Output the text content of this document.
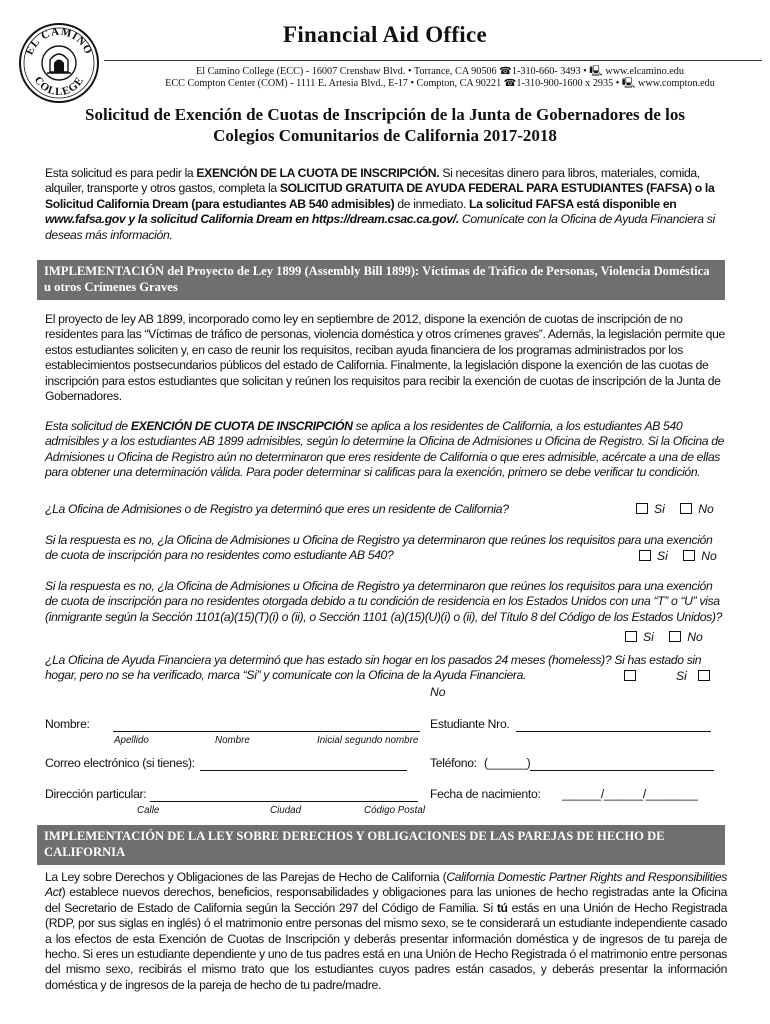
EL CAMINO
COLLEGE
Financial Aid Office
El Camino College (ECC) - 16007 Crenshaw Blvd. • Torrance, CA 90506 ☎1-310-660- 3493 • 🖳 www.elcamino.edu
ECC Compton Center (COM) - 1111 E. Artesia Blvd., E-17 • Compton, CA 90221 ☎1-310-900-1600 x 2935 • 🖳 www.compton.edu
Solicitud de Exención de Cuotas de Inscripción de la Junta de Gobernadores de los
Colegios Comunitarios de California 2017-2018
Esta solicitud es para pedir la EXENCIÓN DE LA CUOTA DE INSCRIPCIÓN. Si necesitas dinero para libros, materiales, comida, alquiler, transporte y otros gastos, completa la SOLICITUD GRATUITA DE AYUDA FEDERAL PARA ESTUDIANTES (FAFSA) o la Solicitud California Dream (para estudiantes AB 540 admisibles) de inmediato. La solicitud FAFSA está disponible en www.fafsa.gov y la solicitud California Dream en https://dream.csac.ca.gov/. Comunícate con la Oficina de Ayuda Financiera si deseas más información.
IMPLEMENTACIÓN del Proyecto de Ley 1899 (Assembly Bill 1899): Víctimas de Tráfico de Personas, Violencia Doméstica u otros Crímenes Graves
El proyecto de ley AB 1899, incorporado como ley en septiembre de 2012, dispone la exención de cuotas de inscripción de no residentes para las “Víctimas de tráfico de personas, violencia doméstica y otros crímenes graves”. Además, la legislación permite que estos estudiantes soliciten y, en caso de reunir los requisitos, reciban ayuda financiera de los programas administrados por los establecimientos postsecundarios públicos del estado de California. Finalmente, la legislación dispone la exención de las cuotas de inscripción para estos estudiantes que solicitan y reúnen los requisitos para recibir la exención de cuotas de inscripción de la Junta de Gobernadores.
Esta solicitud de EXENCIÓN DE CUOTA DE INSCRIPCIÓN se aplica a los residentes de California, a los estudiantes AB 540 admisibles y a los estudiantes AB 1899 admisibles, según lo determine la Oficina de Admisiones u Oficina de Registro. Si la Oficina de Admisiones u Oficina de Registro aún no determinaron que eres residente de California o que eres admisible, acércate a una de ellas para obtener una determinación válida. Para poder determinar si calificas para la exención, primero se debe verificar tu condición.
¿La Oficina de Admisiones o de Registro ya determinó que eres un residente de California?	Si	No
Si la respuesta es no, ¿la Oficina de Admisiones u Oficina de Registro ya determinaron que reúnes los requisitos para una exención de cuota de inscripción para no residentes como estudiante AB 540?	Si	No
Si la respuesta es no, ¿la Oficina de Admisiones u Oficina de Registro ya determinaron que reúnes los requisitos para una exención de cuota de inscripción para no residentes otorgada debido a tu condición de residencia en los Estados Unidos con una “T” o “U” visa (inmigrante según la Sección 1101(a)(15)(T)(i) o (ii), o Sección 1101 (a)(15)(U)(i) o (ii), del Título 8 del Código de los Estados Unidos)?
Si	No
¿La Oficina de Ayuda Financiera ya determinó que has estado sin hogar en los pasados 24 meses (homeless)? Si has estado sin hogar, pero no se ha verificado, marca “Si” y comunícate con la Oficina de la Ayuda Financiera.	Si
No
Nombre:
Apellido	Nombre	Inicial segundo nombre
Estudiante Nro.
Correo electrónico (si tienes):	Teléfono: (______)
Dirección particular:
Calle	Ciudad	Código Postal
Fecha de nacimiento: ______/______/________
IMPLEMENTACIÓN DE LA LEY SOBRE DERECHOS Y OBLIGACIONES DE LAS PAREJAS DE HECHO DE CALIFORNIA
La Ley sobre Derechos y Obligaciones de las Parejas de Hecho de California (California Domestic Partner Rights and Responsibilities Act) establece nuevos derechos, beneficios, responsabilidades y obligaciones para las uniones de hecho registradas ante la Oficina del Secretario de Estado de California según la Sección 297 del Código de Familia. Si tú estás en una Unión de Hecho Registrada (RDP, por sus siglas en inglés) ó el matrimonio entre personas del mismo sexo, se te considerará un estudiante independiente casado a los efectos de esta Exención de Cuotas de Inscripción y deberás presentar información doméstica y de ingresos de tu pareja de hecho. Si eres un estudiante dependiente y uno de tus padres está en una Unión de Hecho Registrada ó el matrimonio entre personas del mismo sexo, recibirás el mismo trato que los estudiantes cuyos padres están casados, y deberás presentar la información doméstica y de ingresos de la pareja de hecho de tu padre/madre.
